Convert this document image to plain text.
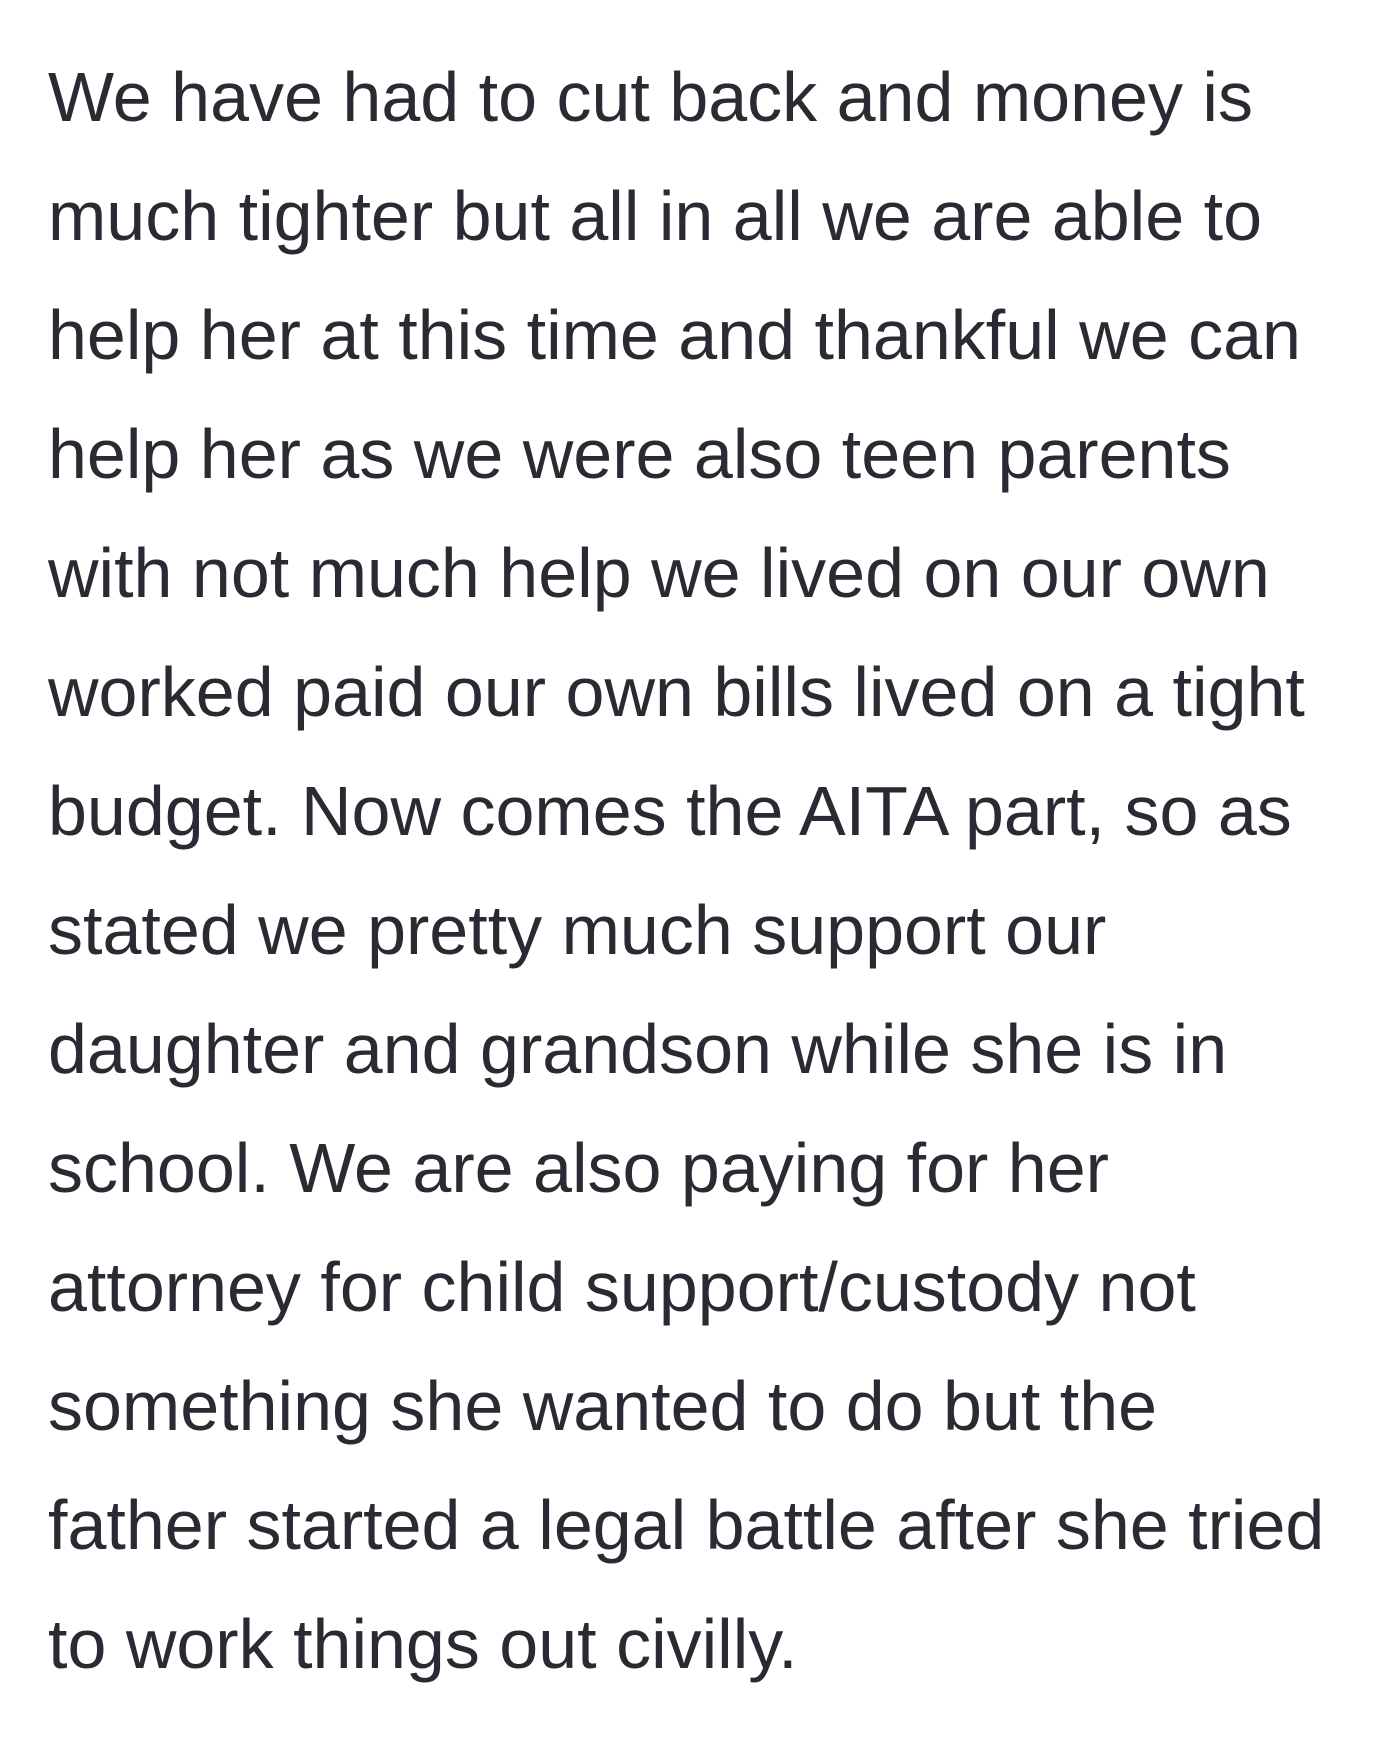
We have had to cut back and money is
much tighter but all in all we are able to
help her at this time and thankful we can
help her as we were also teen parents
with not much help we lived on our own
worked paid our own bills lived on a tight
budget. Now comes the AITA part, so as
stated we pretty much support our
daughter and grandson while she is in
school. We are also paying for her
attorney for child support/custody not
something she wanted to do but the
father started a legal battle after she tried
to work things out civilly.
